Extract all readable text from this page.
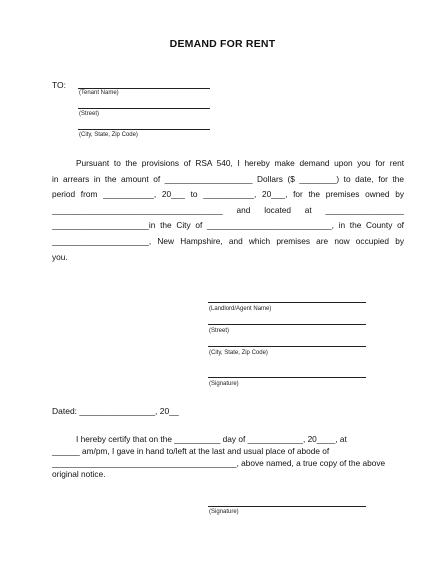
DEMAND FOR RENT
TO:
(Tenant Name)
(Street)
(City, State, Zip Code)
Pursuant to the provisions of RSA 540, I hereby make demand upon you for rent
in arrears in the amount of ___________________ Dollars ($ ________) to date, for the
period from ___________, 20___ to ___________, 20___, for the premises owned by
_____________________________________ and located at _________________
_____________________in the City of ___________________________, in the County of
_____________________, New Hampshire, and which premises are now occupied by
you.
(Landlord/Agent Name)
(Street)
(City, State, Zip Code)
(Signature)
Dated: ________________, 20__
I hereby certify that on the __________ day of ____________, 20____, at
______ am/pm, I gave in hand to/left at the last and usual place of abode of
________________________________________, above named, a true copy of the above
original notice.
(Signature)
